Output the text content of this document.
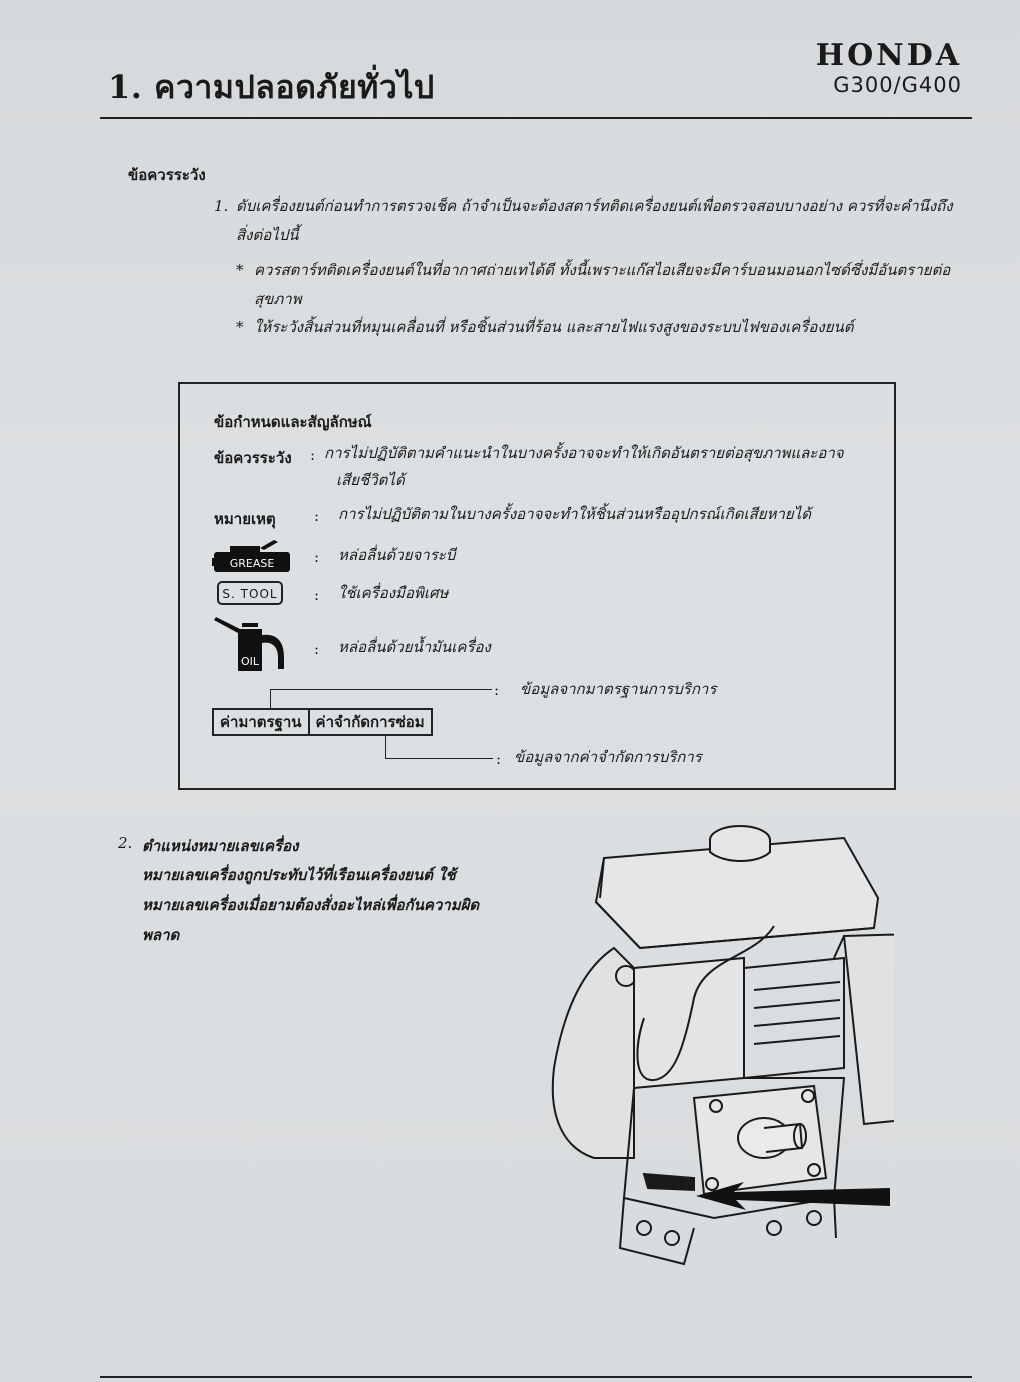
1. ความปลอดภัยทั่วไป
HONDA
G300/G400
ข้อควรระวัง
1. ดับเครื่องยนต์ก่อนทำการตรวจเช็ค ถ้าจำเป็นจะต้องสตาร์ทติดเครื่องยนต์เพื่อตรวจสอบบางอย่าง ควรที่จะคำนึงถึงสิ่งต่อไปนี้
* ควรสตาร์ทติดเครื่องยนต์ในที่อากาศถ่ายเทได้ดี ทั้งนี้เพราะแก๊สไอเสียจะมีคาร์บอนมอนอกไซด์ซึ่งมีอันตรายต่อสุขภาพ
* ให้ระวังสิ้นส่วนที่หมุนเคลื่อนที่ หรือชิ้นส่วนที่ร้อน และสายไฟแรงสูงของระบบไฟของเครื่องยนต์
ข้อกำหนดและสัญลักษณ์
ข้อควรระวัง : การไม่ปฏิบัติตามคำแนะนำในบางครั้งอาจจะทำให้เกิดอันตรายต่อสุขภาพและอาจ
เสียชีวิตได้
หมายเหตุ	: การไม่ปฏิบัติตามในบางครั้งอาจจะทำให้ชิ้นส่วนหรืออุปกรณ์เกิดเสียหายได้
GREASE	: หล่อลื่นด้วยจาระบี
S. TOOL	: ใช้เครื่องมือพิเศษ
OIL
: หล่อลื่นด้วยน้ำมันเครื่อง
: ข้อมูลจากมาตรฐานการบริการ
ค่ามาตรฐาน ค่าจำกัดการซ่อม
: ข้อมูลจากค่าจำกัดการบริการ
2. ตำแหน่งหมายเลขเครื่อง
หมายเลขเครื่องถูกประทับไว้ที่เรือนเครื่องยนต์ ใช้หมายเลขเครื่องเมื่อยามต้องสั่งอะไหล่เพื่อกันความผิดพลาด
